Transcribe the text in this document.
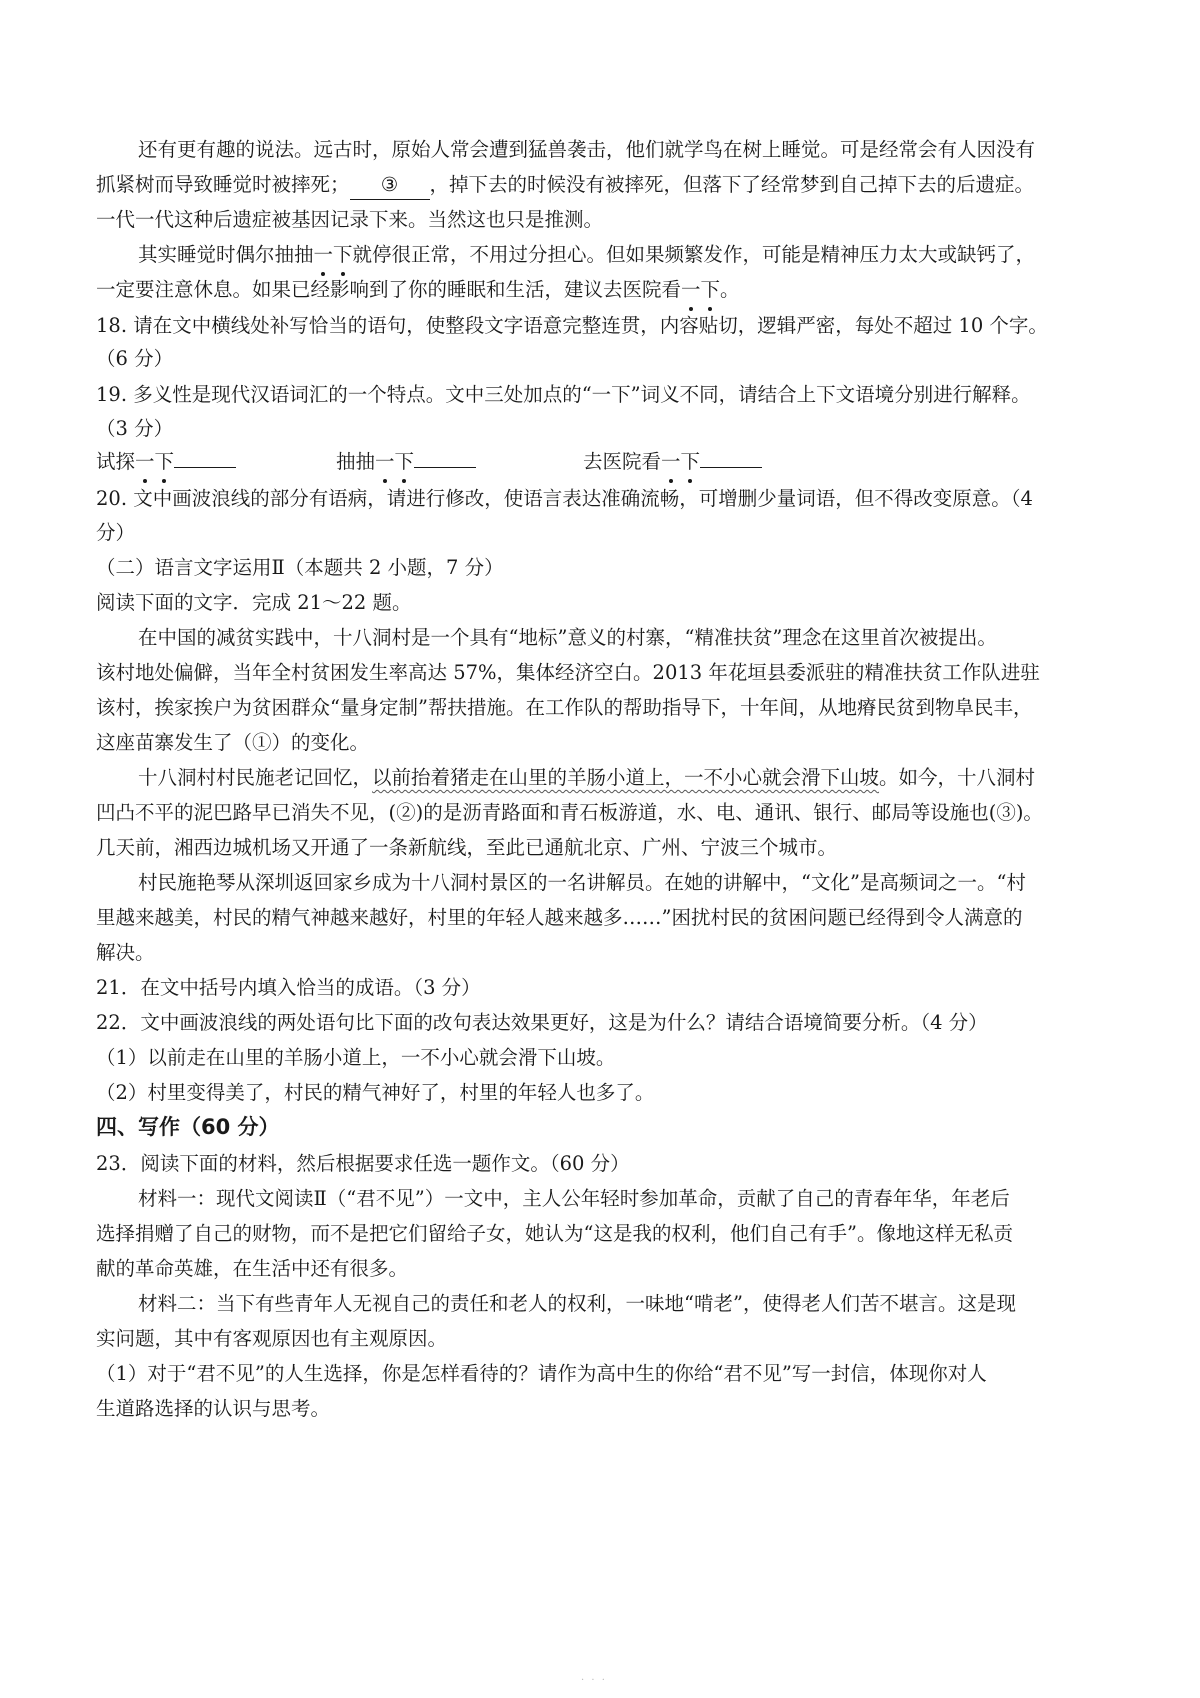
还有更有趣的说法。远古时，原始人常会遭到猛兽袭击，他们就学鸟在树上睡觉。可是经常会有人因没有
抓紧树而导致睡觉时被摔死； ③ ，掉下去的时候没有被摔死，但落下了经常梦到自己掉下去的后遗症。
一代一代这种后遗症被基因记录下来。当然这也只是推测。
其实睡觉时偶尔抽抽一下就停很正常，不用过分担心。但如果频繁发作，可能是精神压力太大或缺钙了，
一定要注意休息。如果已经影响到了你的睡眠和生活，建议去医院看一下。
18. 请在文中横线处补写恰当的语句，使整段文字语意完整连贯，内容贴切，逻辑严密，每处不超过 10 个字。
（6 分）
19. 多义性是现代汉语词汇的一个特点。文中三处加点的“一下”词义不同，请结合上下文语境分别进行解释。
（3 分）
试探一下	抽抽一下	去医院看一下
20. 文中画波浪线的部分有语病，请进行修改，使语言表达准确流畅，可增删少量词语，但不得改变原意。（4
分）
（二）语言文字运用Ⅱ（本题共 2 小题，7 分）
阅读下面的文字．完成 21～22 题。
在中国的减贫实践中，十八洞村是一个具有“地标”意义的村寨，“精准扶贫”理念在这里首次被提出。
该村地处偏僻，当年全村贫困发生率高达 57%，集体经济空白。2013 年花垣县委派驻的精准扶贫工作队进驻
该村，挨家挨户为贫困群众“量身定制”帮扶措施。在工作队的帮助指导下，十年间，从地瘠民贫到物阜民丰，
这座苗寨发生了（①）的变化。
十八洞村村民施老记回忆，以前抬着猪走在山里的羊肠小道上，一不小心就会滑下山坡。如今，十八洞村
凹凸不平的泥巴路早已消失不见，(②)的是沥青路面和青石板游道，水、电、通讯、银行、邮局等设施也(③)。
几天前，湘西边城机场又开通了一条新航线，至此已通航北京、广州、宁波三个城市。
村民施艳琴从深圳返回家乡成为十八洞村景区的一名讲解员。在她的讲解中，“文化”是高频词之一。“村
里越来越美，村民的精气神越来越好，村里的年轻人越来越多……”困扰村民的贫困问题已经得到令人满意的
解决。
21．在文中括号内填入恰当的成语。（3 分）
22．文中画波浪线的两处语句比下面的改句表达效果更好，这是为什么？请结合语境简要分析。（4 分）
（1）以前走在山里的羊肠小道上，一不小心就会滑下山坡。
（2）村里变得美了，村民的精气神好了，村里的年轻人也多了。
四、写作（60 分）
23．阅读下面的材料，然后根据要求任选一题作文。（60 分）
材料一：现代文阅读Ⅱ（“君不见”）一文中，主人公年轻时参加革命，贡献了自己的青春年华，年老后
选择捐赠了自己的财物，而不是把它们留给子女，她认为“这是我的权利，他们自己有手”。像地这样无私贡
献的革命英雄，在生活中还有很多。
材料二：当下有些青年人无视自己的责任和老人的权利，一味地“啃老”，使得老人们苦不堪言。这是现
实问题，其中有客观原因也有主观原因。
（1）对于“君不见”的人生选择，你是怎样看待的？请作为高中生的你给“君不见”写一封信，体现你对人
生道路选择的认识与思考。
· · ·
